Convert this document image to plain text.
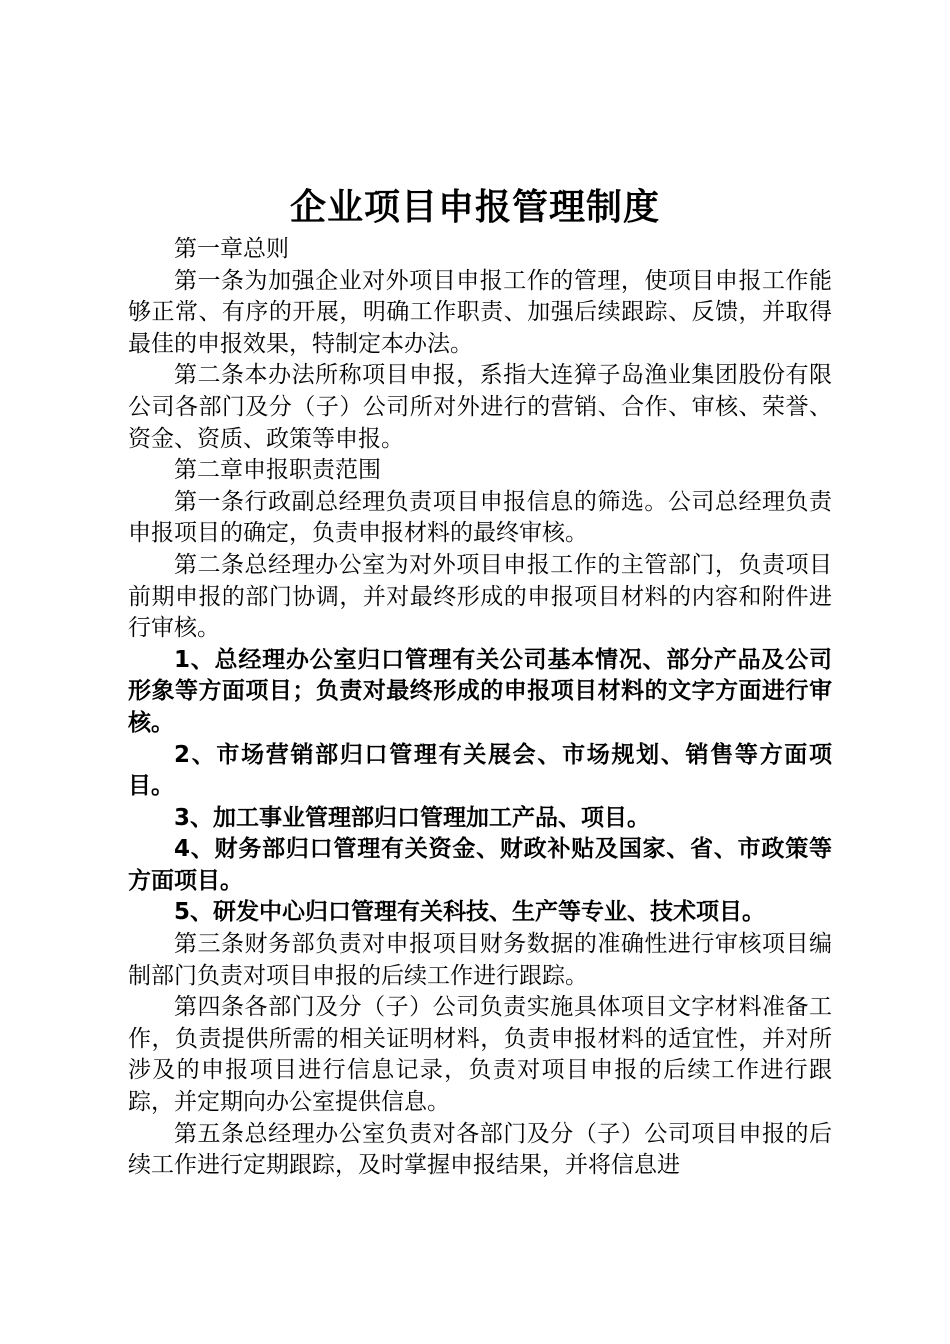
企业项目申报管理制度

第一章总则

第一条为加强企业对外项目申报工作的管理，使项目申报工作能够正常、有序的开展，明确工作职责、加强后续跟踪、反馈，并取得最佳的申报效果，特制定本办法。

第二条本办法所称项目申报，系指大连獐子岛渔业集团股份有限公司各部门及分（子）公司所对外进行的营销、合作、审核、荣誉、资金、资质、政策等申报。

第二章申报职责范围

第一条行政副总经理负责项目申报信息的筛选。公司总经理负责申报项目的确定，负责申报材料的最终审核。

第二条总经理办公室为对外项目申报工作的主管部门，负责项目前期申报的部门协调，并对最终形成的申报项目材料的内容和附件进行审核。

1、总经理办公室归口管理有关公司基本情况、部分产品及公司形象等方面项目；负责对最终形成的申报项目材料的文字方面进行审核。

2、市场营销部归口管理有关展会、市场规划、销售等方面项目。

3、加工事业管理部归口管理加工产品、项目。

4、财务部归口管理有关资金、财政补贴及国家、省、市政策等方面项目。

5、研发中心归口管理有关科技、生产等专业、技术项目。

第三条财务部负责对申报项目财务数据的准确性进行审核项目编制部门负责对项目申报的后续工作进行跟踪。

第四条各部门及分（子）公司负责实施具体项目文字材料准备工作，负责提供所需的相关证明材料，负责申报材料的适宜性，并对所涉及的申报项目进行信息记录，负责对项目申报的后续工作进行跟踪，并定期向办公室提供信息。

第五条总经理办公室负责对各部门及分（子）公司项目申报的后续工作进行定期跟踪，及时掌握申报结果，并将信息进
